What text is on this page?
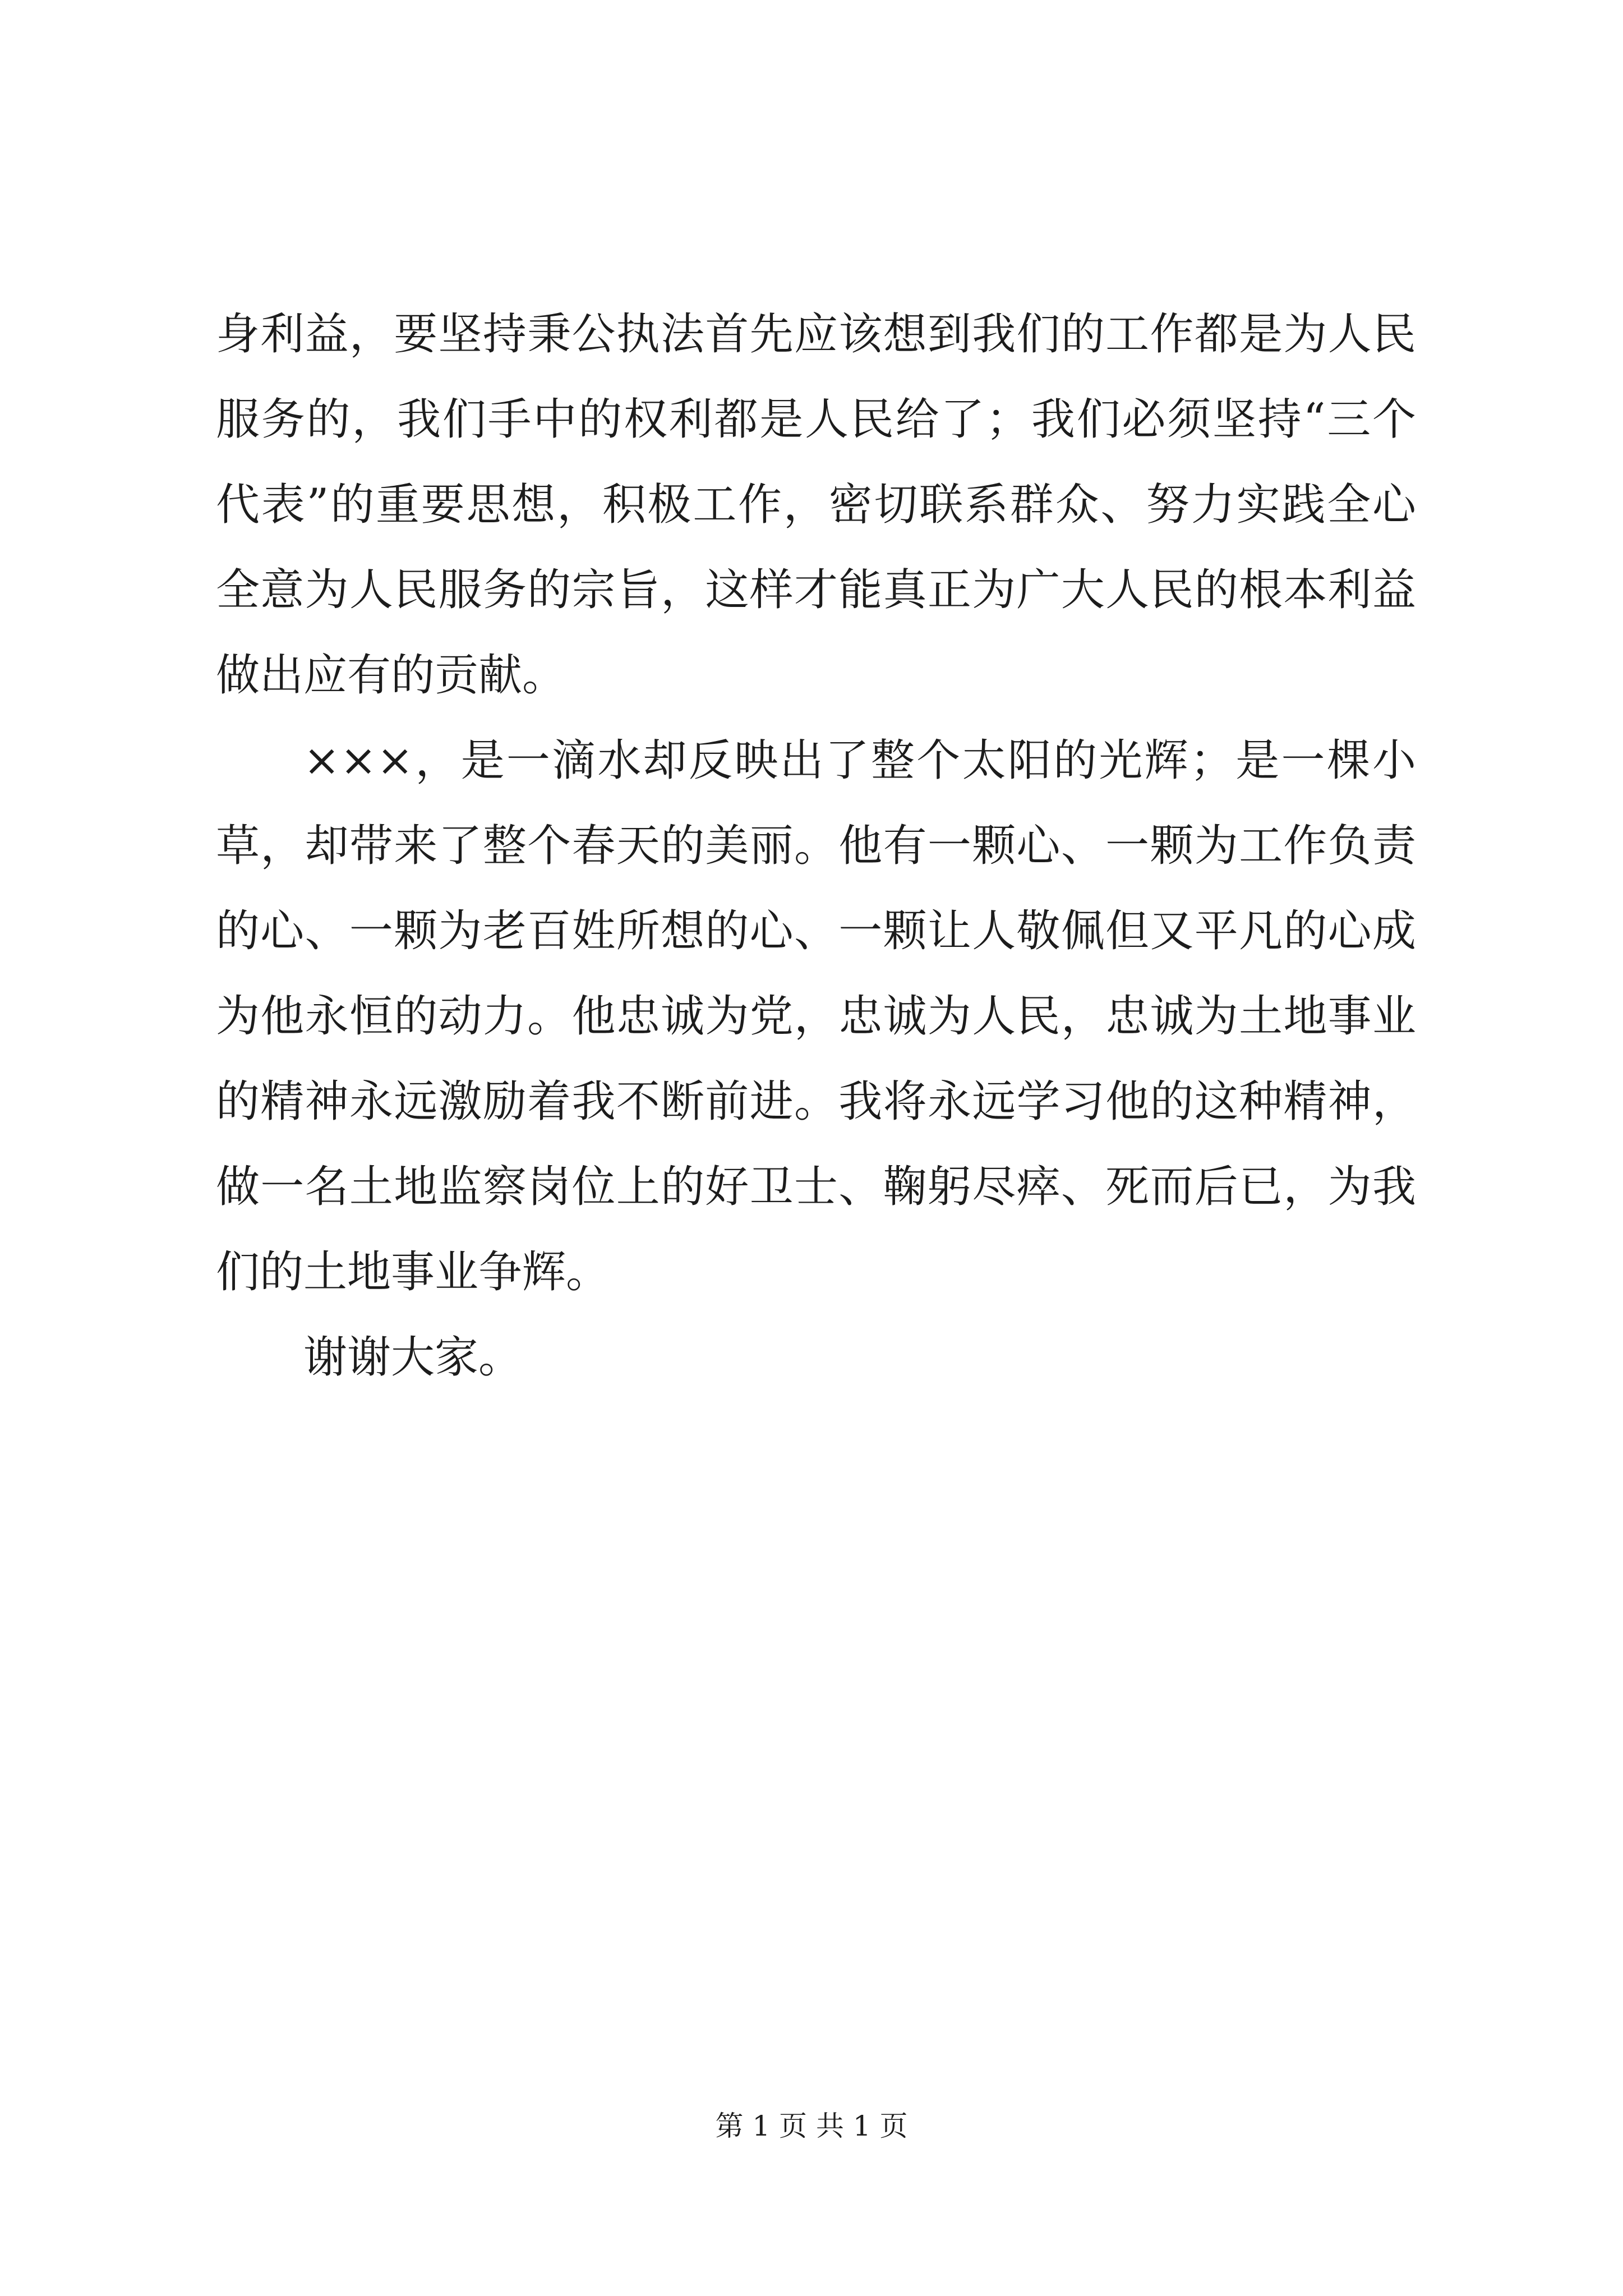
身利益，要坚持秉公执法首先应该想到我们的工作都是为人民服务的，我们手中的权利都是人民给了；我们必须坚持“三个代表”的重要思想，积极工作，密切联系群众、努力实践全心全意为人民服务的宗旨，这样才能真正为广大人民的根本利益做出应有的贡献。

×××，是一滴水却反映出了整个太阳的光辉；是一棵小草，却带来了整个春天的美丽。他有一颗心、一颗为工作负责的心、一颗为老百姓所想的心、一颗让人敬佩但又平凡的心成为他永恒的动力。他忠诚为党，忠诚为人民，忠诚为土地事业的精神永远激励着我不断前进。我将永远学习他的这种精神，做一名土地监察岗位上的好卫士、鞠躬尽瘁、死而后已，为我们的土地事业争辉。

谢谢大家。

第 1 页 共 1 页
